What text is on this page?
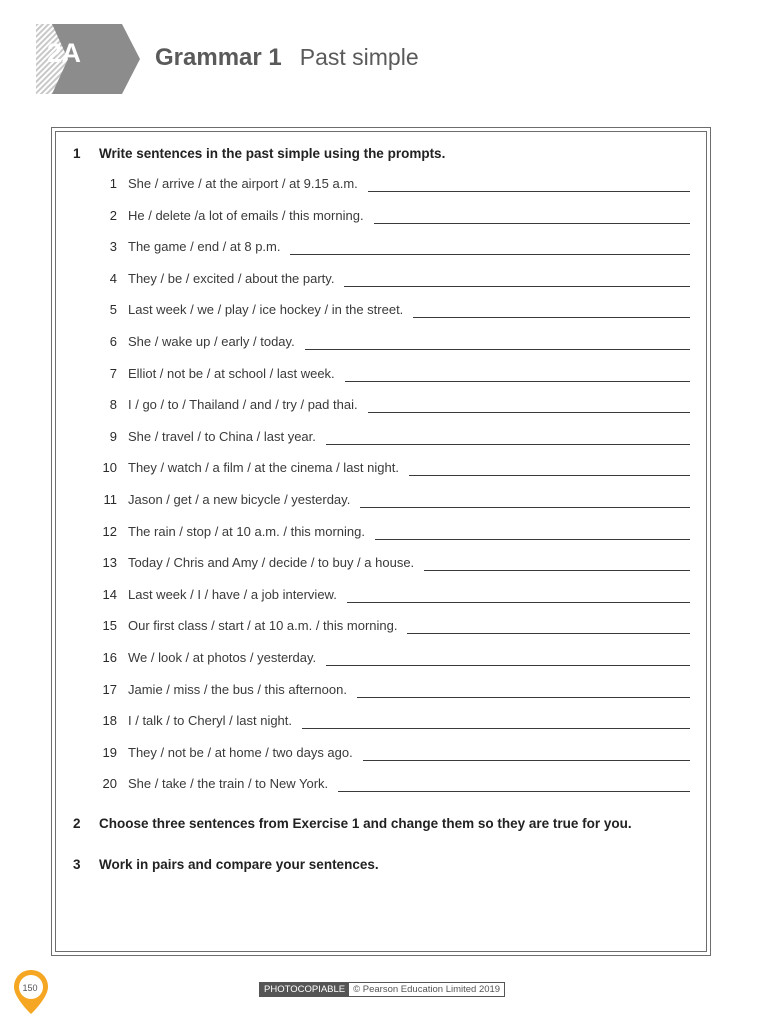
2A	Grammar 1 Past simple
1 Write sentences in the past simple using the prompts.
1 She / arrive / at the airport / at 9.15 a.m.
2 He / delete /a lot of emails / this morning.
3 The game / end / at 8 p.m.
4 They / be / excited / about the party.
5 Last week / we / play / ice hockey / in the street.
6 She / wake up / early / today.
7 Elliot / not be / at school / last week.
8 I / go / to / Thailand / and / try / pad thai.
9 She / travel / to China / last year.
10 They / watch / a film / at the cinema / last night.
11 Jason / get / a new bicycle / yesterday.
12 The rain / stop / at 10 a.m. / this morning.
13 Today / Chris and Amy / decide / to buy / a house.
14 Last week / I / have / a job interview.
15 Our first class / start / at 10 a.m. / this morning.
16 We / look / at photos / yesterday.
17 Jamie / miss / the bus / this afternoon.
18 I / talk / to Cheryl / last night.
19 They / not be / at home / two days ago.
20 She / take / the train / to New York.
2 Choose three sentences from Exercise 1 and change them so they are true for you.
3 Work in pairs and compare your sentences.
150	PHOTOCOPIABLE © Pearson Education Limited 2019
